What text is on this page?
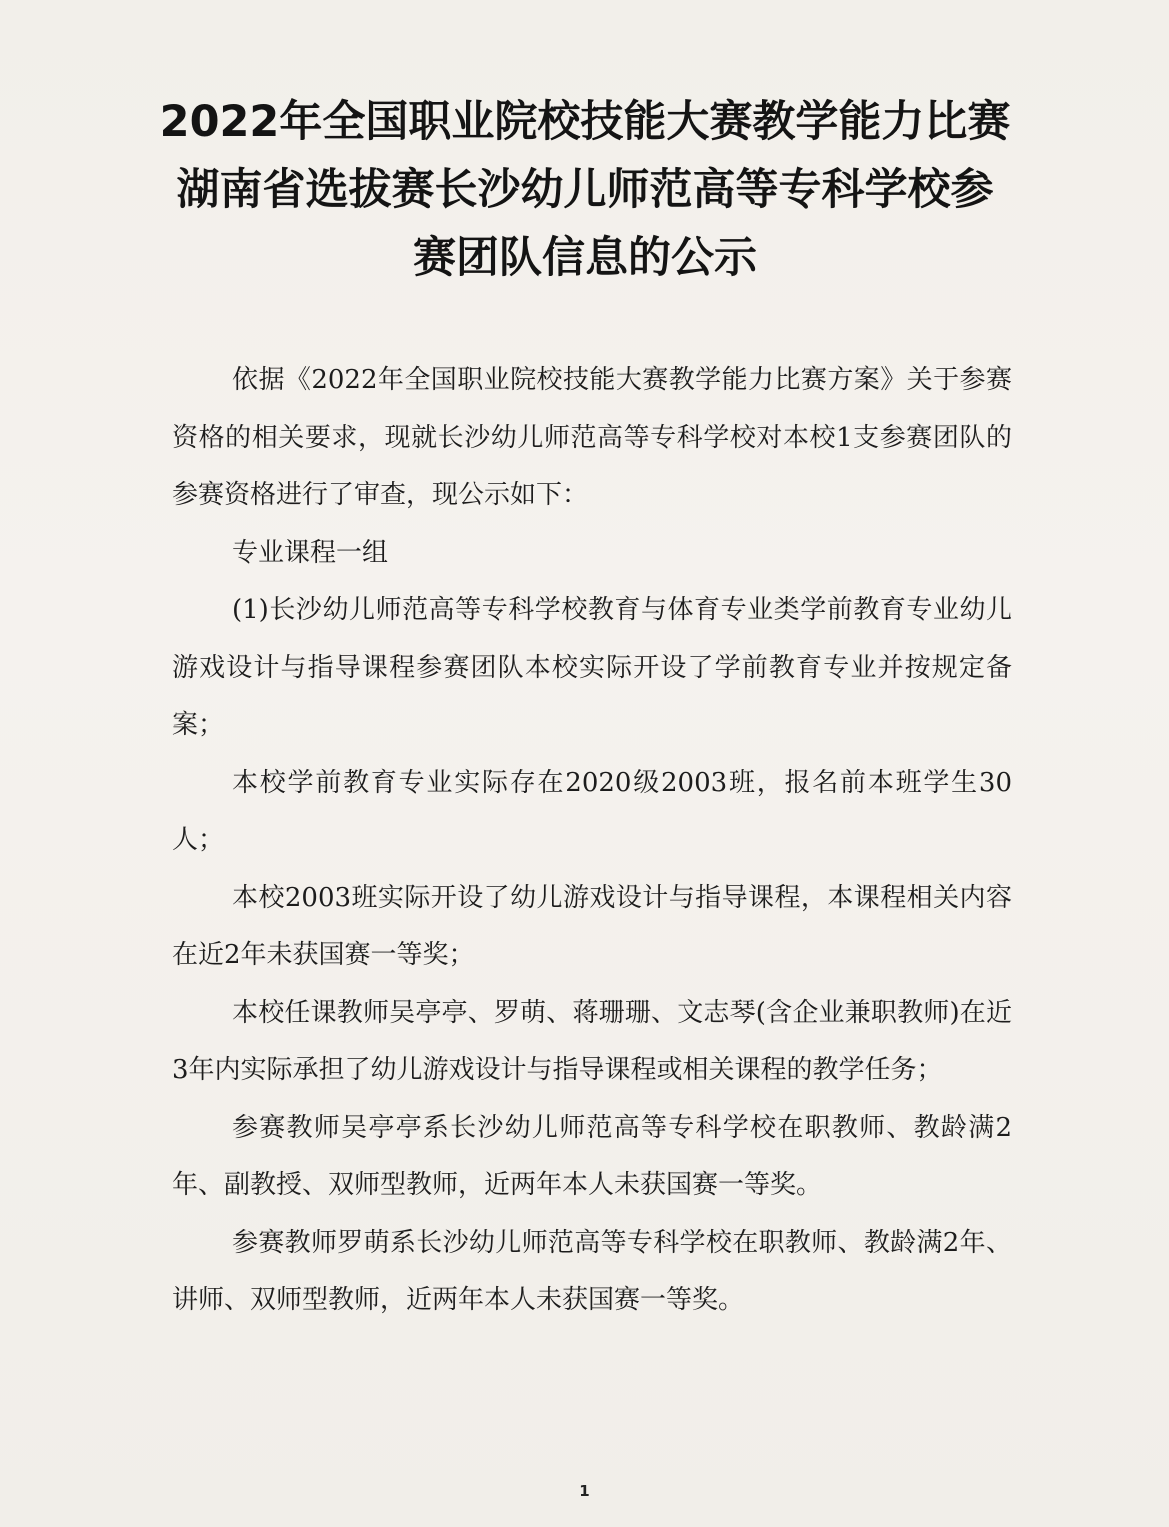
2022年全国职业院校技能大赛教学能力比赛
湖南省选拔赛长沙幼儿师范高等专科学校参
赛团队信息的公示

依据《2022年全国职业院校技能大赛教学能力比赛方案》关于参赛资格的相关要求，现就长沙幼儿师范高等专科学校对本校1支参赛团队的参赛资格进行了审查，现公示如下：

专业课程一组

(1)长沙幼儿师范高等专科学校教育与体育专业类学前教育专业幼儿游戏设计与指导课程参赛团队本校实际开设了学前教育专业并按规定备案；

本校学前教育专业实际存在2020级2003班，报名前本班学生30人；

本校2003班实际开设了幼儿游戏设计与指导课程，本课程相关内容在近2年未获国赛一等奖；

本校任课教师吴亭亭、罗萌、蒋珊珊、文志琴(含企业兼职教师)在近3年内实际承担了幼儿游戏设计与指导课程或相关课程的教学任务；

参赛教师吴亭亭系长沙幼儿师范高等专科学校在职教师、教龄满2年、副教授、双师型教师，近两年本人未获国赛一等奖。

参赛教师罗萌系长沙幼儿师范高等专科学校在职教师、教龄满2年、讲师、双师型教师，近两年本人未获国赛一等奖。

1
